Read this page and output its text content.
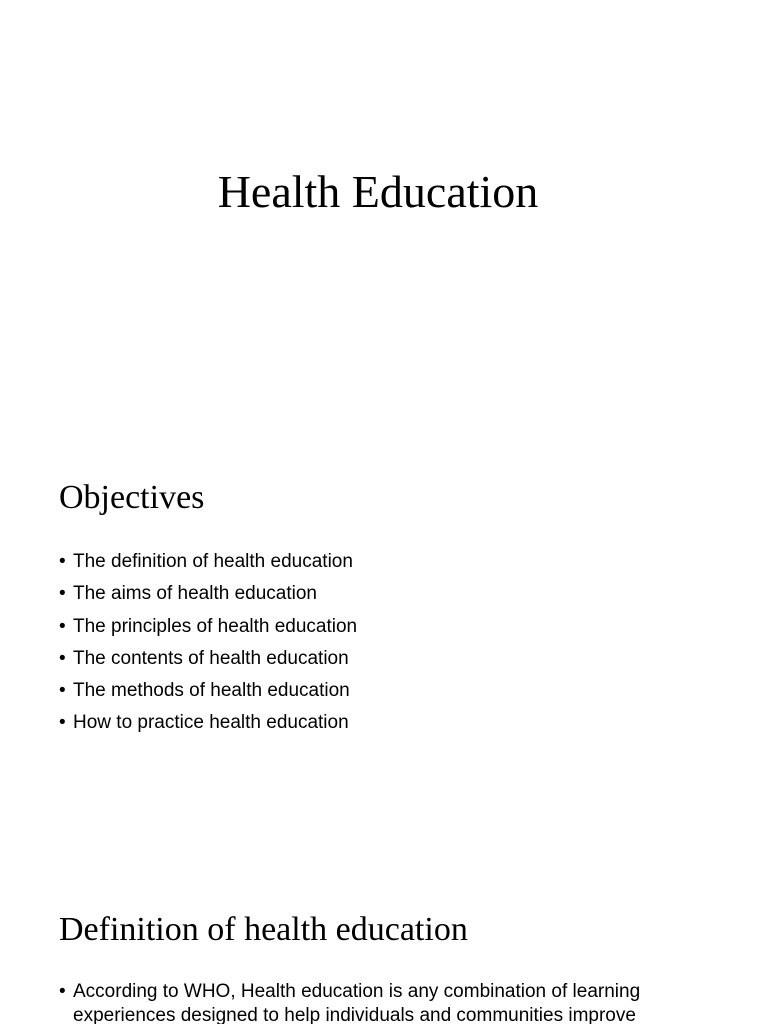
Health Education
Objectives
• The definition of health education
• The aims of health education
• The principles of health education
• The contents of health education
• The methods of health education
• How to practice health education
Definition of health education
• According to WHO, Health education is any combination of learning experiences designed to help individuals and communities improve
